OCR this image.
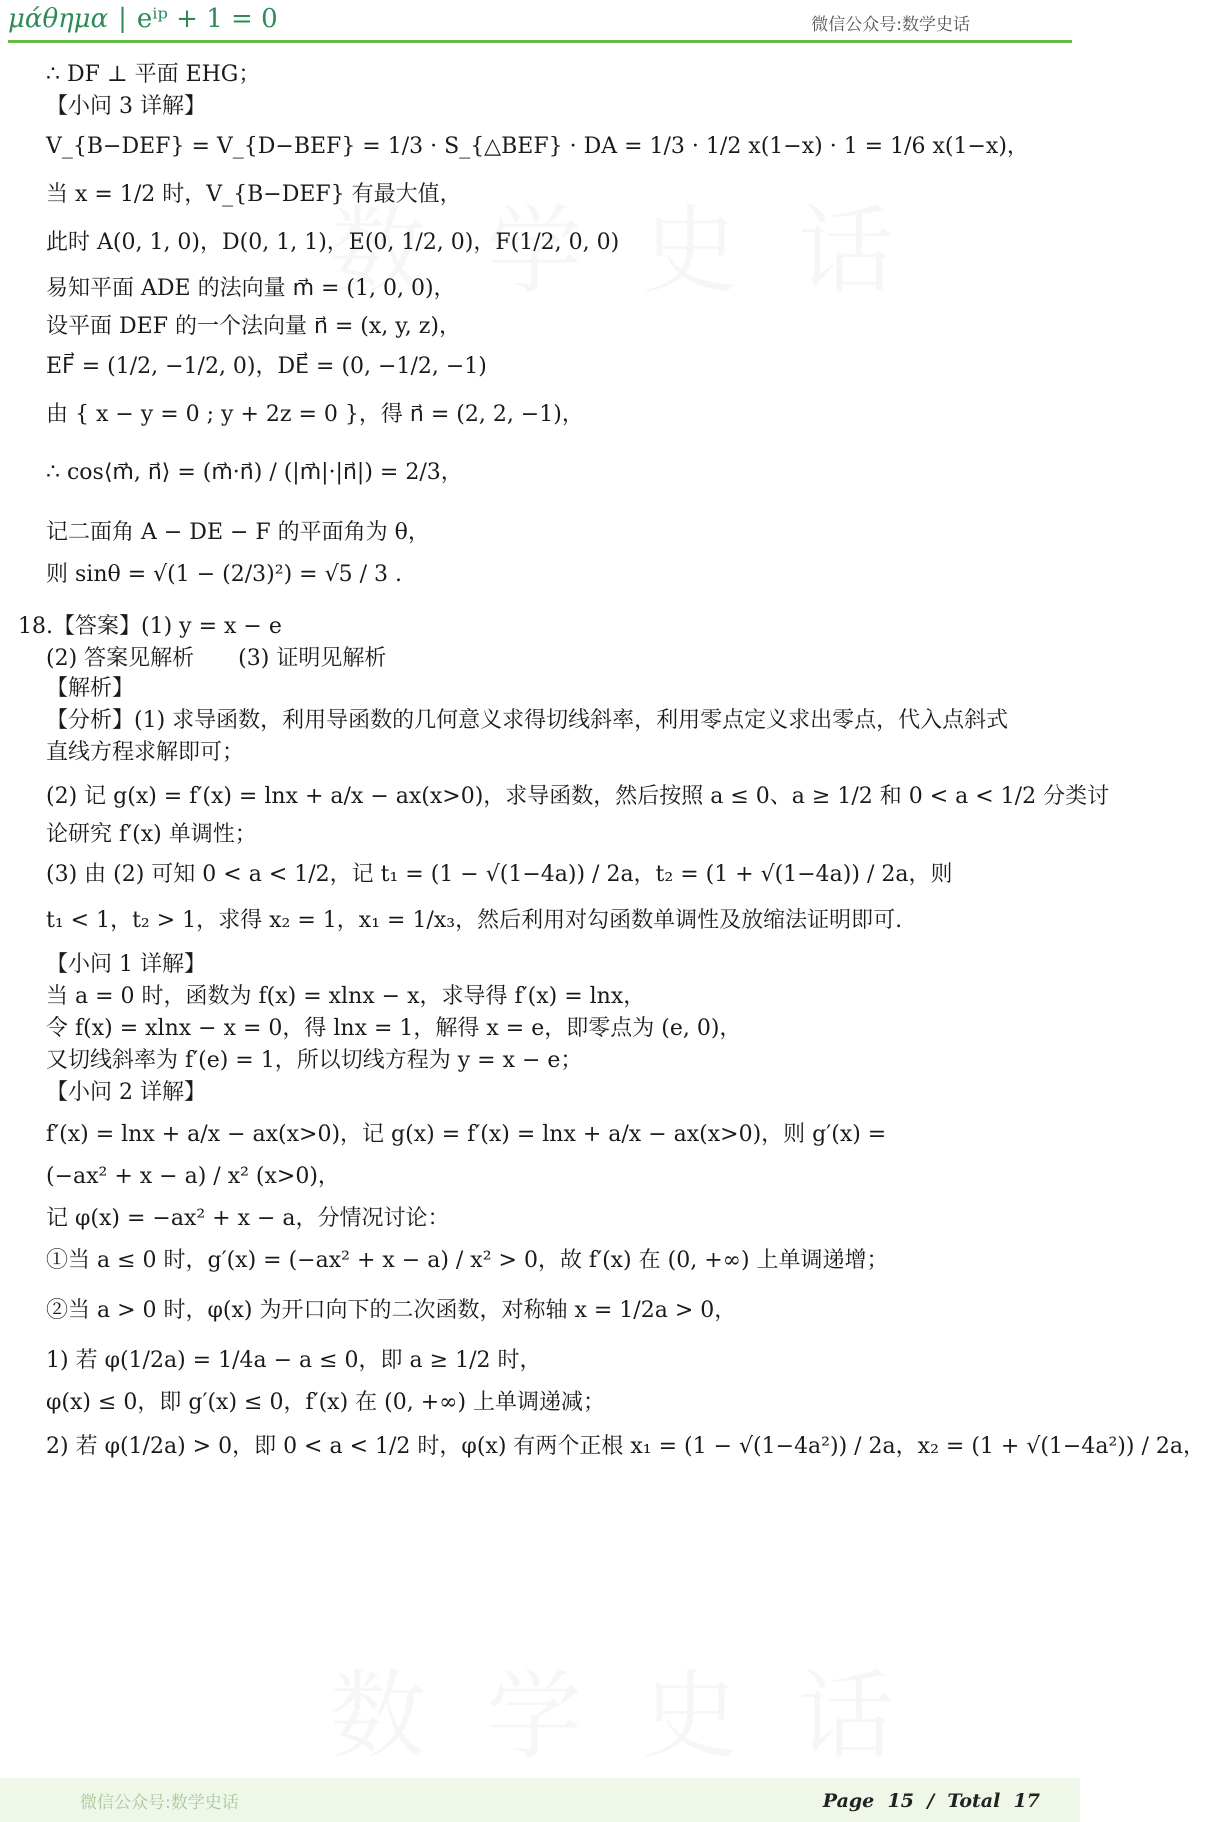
μάθημα | eⁱᵖ + 1 = 0	微信公众号:数学史话
∴ DF ⊥ 平面 EHG；
【小问 3 详解】
V_{B−DEF} = V_{D−BEF} = 1/3 · S_{△BEF} · DA = 1/3 · 1/2 x(1−x) · 1 = 1/6 x(1−x)，
当 x = 1/2 时，V_{B−DEF} 有最大值，
此时 A(0, 1, 0)，D(0, 1, 1)，E(0, 1/2, 0)，F(1/2, 0, 0)
易知平面 ADE 的法向量 m⃗ = (1, 0, 0)，
设平面 DEF 的一个法向量 n⃗ = (x, y, z)，
EF⃗ = (1/2, −1/2, 0)，DE⃗ = (0, −1/2, −1)
由 { x − y = 0 ; y + 2z = 0 }，得 n⃗ = (2, 2, −1)，
∴ cos⟨m⃗, n⃗⟩ = (m⃗·n⃗) / (|m⃗|·|n⃗|) = 2/3，
记二面角 A − DE − F 的平面角为 θ，
则 sinθ = √(1 − (2/3)²) = √5 / 3 .
18.【答案】(1) y = x − e
(2) 答案见解析　　(3) 证明见解析
【解析】
【分析】(1) 求导函数，利用导函数的几何意义求得切线斜率，利用零点定义求出零点，代入点斜式
直线方程求解即可；
(2) 记 g(x) = f′(x) = lnx + a/x − ax(x>0)，求导函数，然后按照 a ≤ 0、a ≥ 1/2 和 0 < a < 1/2 分类讨
论研究 f′(x) 单调性；
(3) 由 (2) 可知 0 < a < 1/2，记 t₁ = (1 − √(1−4a)) / 2a，t₂ = (1 + √(1−4a)) / 2a，则
t₁ < 1，t₂ > 1，求得 x₂ = 1，x₁ = 1/x₃，然后利用对勾函数单调性及放缩法证明即可.
【小问 1 详解】
当 a = 0 时，函数为 f(x) = xlnx − x，求导得 f′(x) = lnx，
令 f(x) = xlnx − x = 0，得 lnx = 1，解得 x = e，即零点为 (e, 0)，
又切线斜率为 f′(e) = 1，所以切线方程为 y = x − e；
【小问 2 详解】
f′(x) = lnx + a/x − ax(x>0)，记 g(x) = f′(x) = lnx + a/x − ax(x>0)，则 g′(x) =
(−ax² + x − a) / x² (x>0)，
记 φ(x) = −ax² + x − a，分情况讨论：
①当 a ≤ 0 时，g′(x) = (−ax² + x − a) / x² > 0，故 f′(x) 在 (0, +∞) 上单调递增；
②当 a > 0 时，φ(x) 为开口向下的二次函数，对称轴 x = 1/2a > 0，
1) 若 φ(1/2a) = 1/4a − a ≤ 0，即 a ≥ 1/2 时，
φ(x) ≤ 0，即 g′(x) ≤ 0，f′(x) 在 (0, +∞) 上单调递减；
2) 若 φ(1/2a) > 0，即 0 < a < 1/2 时，φ(x) 有两个正根 x₁ = (1 − √(1−4a²)) / 2a，x₂ = (1 + √(1−4a²)) / 2a，
微信公众号:数学史话	Page 15 / Total 17
